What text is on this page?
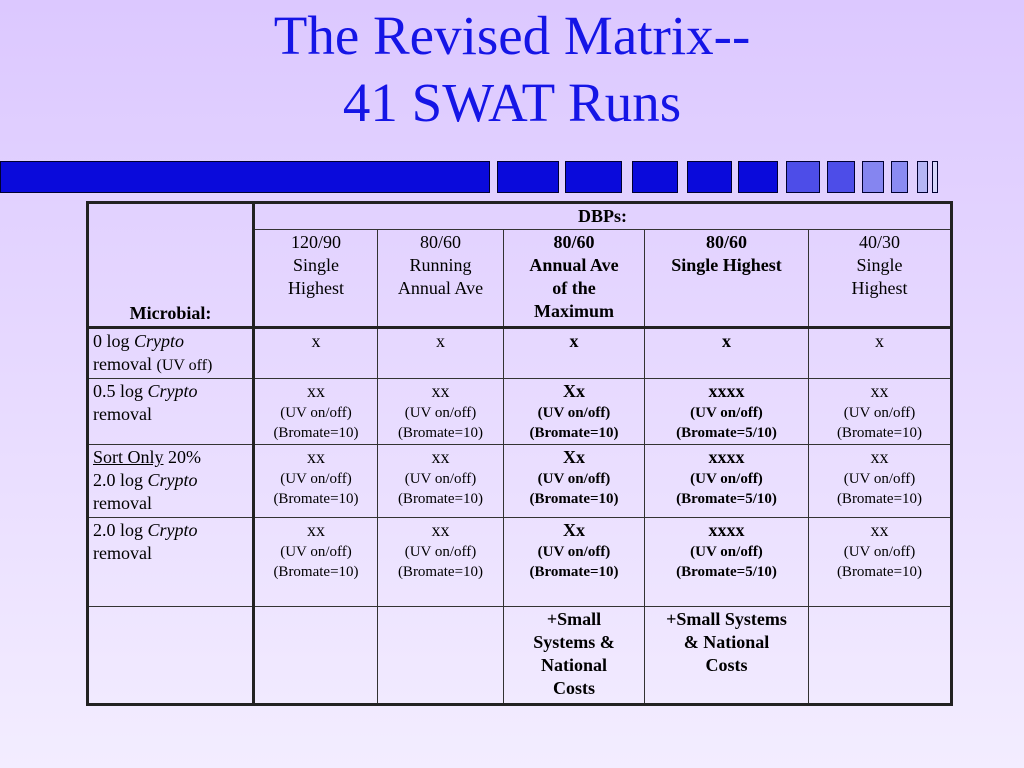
The Revised Matrix--
41 SWAT Runs
Microbial:	DBPs:				

	120/90
Single
Highest	80/60
Running
Annual Ave	80/60
Annual Ave
of the
Maximum	80/60
Single Highest	40/30
Single
Highest

0 log Crypto
removal (UV off)	x	x	x	x	x
0.5 log Crypto
removal	xx
(UV on/off)
(Bromate=10)	xx
(UV on/off)
(Bromate=10)	Xx
(UV on/off)
(Bromate=10)	xxxx
(UV on/off)
(Bromate=5/10)	xx
(UV on/off)
(Bromate=10)

Sort Only 20%
2.0 log Crypto
removal	xx
(UV on/off)
(Bromate=10)	xx
(UV on/off)
(Bromate=10)	Xx
(UV on/off)
(Bromate=10)	xxxx
(UV on/off)
(Bromate=5/10)	xx
(UV on/off)
(Bromate=10)

2.0 log Crypto
removal	xx
(UV on/off)
(Bromate=10)	xx
(UV on/off)
(Bromate=10)	Xx
(UV on/off)
(Bromate=10)	xxxx
(UV on/off)
(Bromate=5/10)	xx
(UV on/off)
(Bromate=10)

			+Small
Systems &
National
Costs	+Small Systems
& National
Costs	
